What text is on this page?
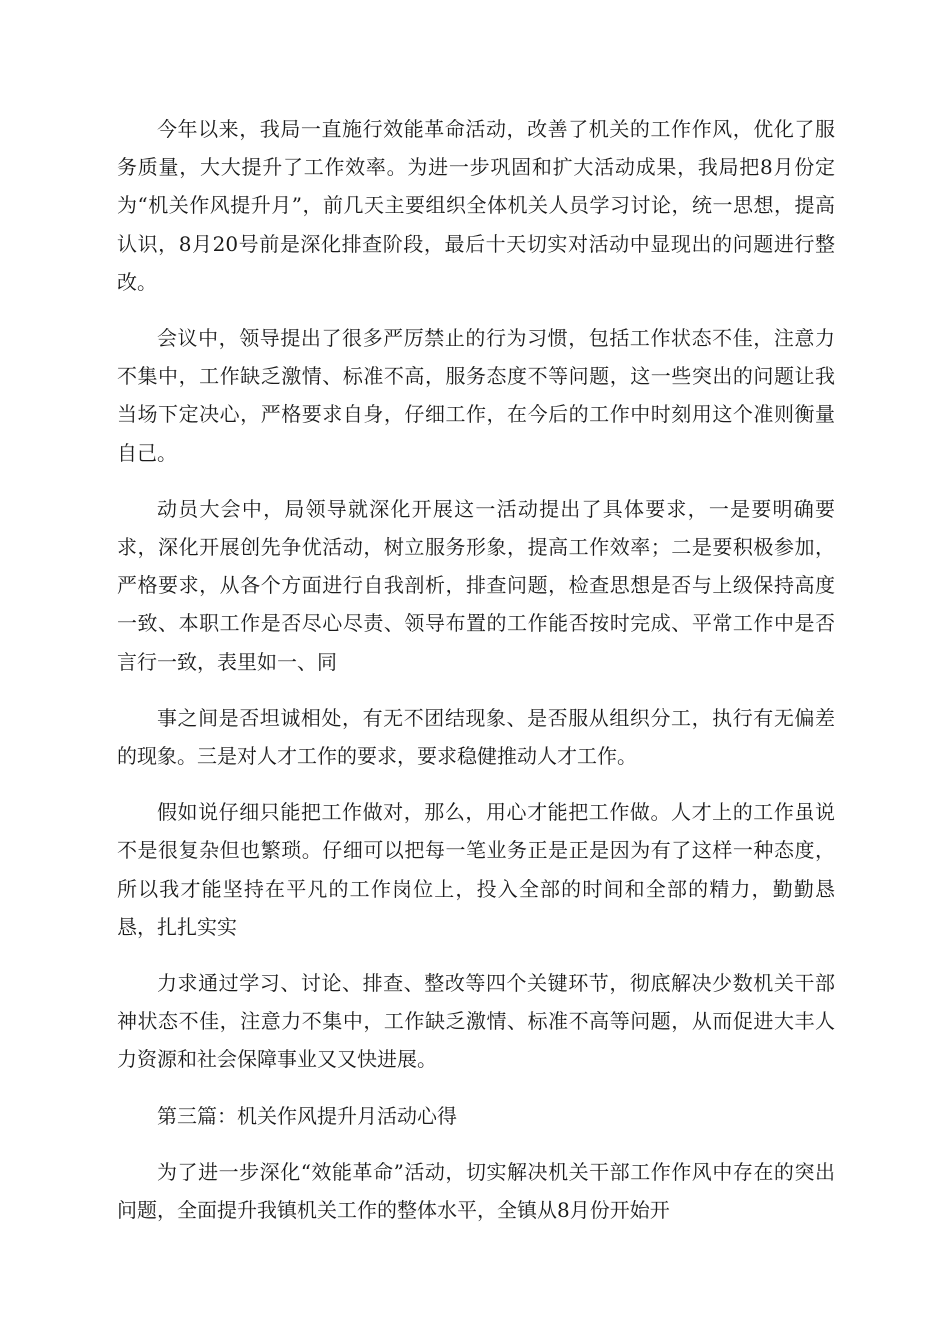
今年以来，我局一直施行效能革命活动，改善了机关的工作作风，优化了服务质量，大大提升了工作效率。为进一步巩固和扩大活动成果，我局把8月份定为“机关作风提升月”，前几天主要组织全体机关人员学习讨论，统一思想，提高认识，8月20号前是深化排查阶段，最后十天切实对活动中显现出的问题进行整改。

会议中，领导提出了很多严厉禁止的行为习惯，包括工作状态不佳，注意力不集中，工作缺乏激情、标准不高，服务态度不等问题，这一些突出的问题让我当场下定决心，严格要求自身，仔细工作，在今后的工作中时刻用这个准则衡量自己。

动员大会中，局领导就深化开展这一活动提出了具体要求，一是要明确要求，深化开展创先争优活动，树立服务形象，提高工作效率；二是要积极参加，严格要求，从各个方面进行自我剖析，排查问题，检查思想是否与上级保持高度一致、本职工作是否尽心尽责、领导布置的工作能否按时完成、平常工作中是否言行一致，表里如一、同

事之间是否坦诚相处，有无不团结现象、是否服从组织分工，执行有无偏差的现象。三是对人才工作的要求，要求稳健推动人才工作。

假如说仔细只能把工作做对，那么，用心才能把工作做。人才上的工作虽说不是很复杂但也繁琐。仔细可以把每一笔业务正是正是因为有了这样一种态度，所以我才能坚持在平凡的工作岗位上，投入全部的时间和全部的精力，勤勤恳恳，扎扎实实

力求通过学习、讨论、排查、整改等四个关键环节，彻底解决少数机关干部神状态不佳，注意力不集中，工作缺乏激情、标准不高等问题，从而促进大丰人力资源和社会保障事业又又快进展。

第三篇：机关作风提升月活动心得

为了进一步深化“效能革命”活动，切实解决机关干部工作作风中存在的突出问题，全面提升我镇机关工作的整体水平，全镇从8月份开始开
